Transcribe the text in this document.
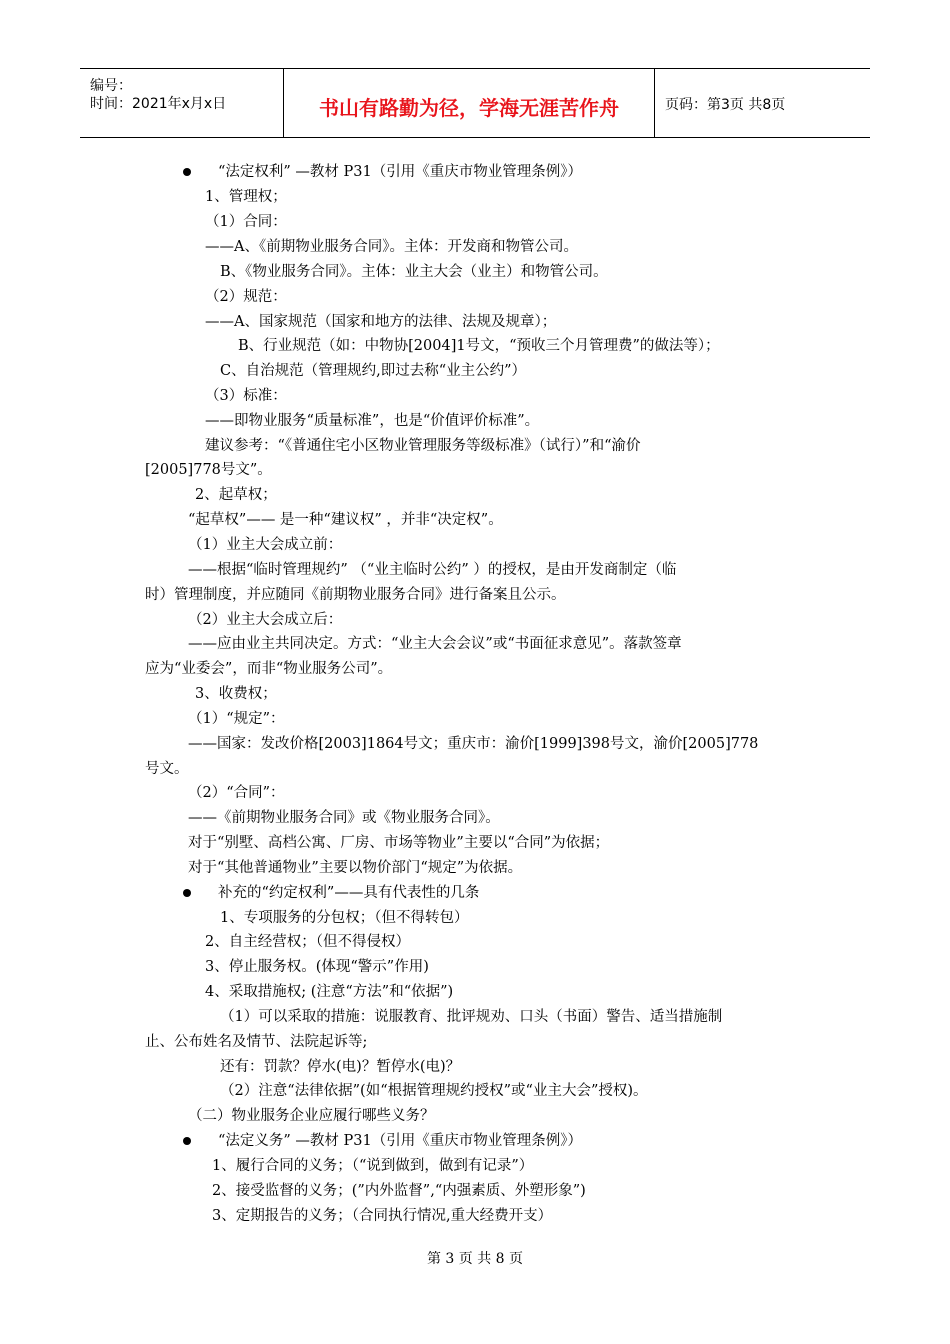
编号：
时间：2021年x月x日	书山有路勤为径，学海无涯苦作舟	页码：第3页 共8页
“法定权利” —教材 P31（引用《重庆市物业管理条例》）
1、管理权；
（1）合同：
——A、《前期物业服务合同》。主体：开发商和物管公司。
B、《物业服务合同》。主体：业主大会（业主）和物管公司。
（2）规范：
——A、国家规范（国家和地方的法律、法规及规章）；
B、行业规范（如：中物协[2004]1号文，“预收三个月管理费”的做法等）；
C、自治规范（管理规约,即过去称“业主公约”）
（3）标准：
——即物业服务“质量标准”，也是“价值评价标准”。
建议参考：“《普通住宅小区物业管理服务等级标准》（试行）”和“渝价
[2005]778号文”。
2、起草权；
“起草权”—— 是一种“建议权” ，并非“决定权”。
（1）业主大会成立前：
——根据“临时管理规约” （“业主临时公约” ）的授权，是由开发商制定（临
时）管理制度，并应随同《前期物业服务合同》进行备案且公示。
（2）业主大会成立后：
——应由业主共同决定。方式：“业主大会会议”或“书面征求意见”。落款签章
应为“业委会”，而非“物业服务公司”。
3、收费权；
（1）“规定”：
——国家：发改价格[2003]1864号文；重庆市：渝价[1999]398号文，渝价[2005]778
号文。
（2）“合同”：
——《前期物业服务合同》或《物业服务合同》。
对于“别墅、高档公寓、厂房、市场等物业”主要以“合同”为依据；
对于“其他普通物业”主要以物价部门“规定”为依据。
补充的“约定权利”——具有代表性的几条
1、专项服务的分包权；（但不得转包）
2、自主经营权；（但不得侵权）
3、停止服务权。(体现“警示”作用)
4、采取措施权; (注意“方法”和“依据”)
（1）可以采取的措施：说服教育、批评规劝、口头（书面）警告、适当措施制
止、公布姓名及情节、法院起诉等;
还有：罚款？停水(电)？暂停水(电)？
（2）注意“法律依据”(如“根据管理规约授权”或“业主大会”授权)。
（二）物业服务企业应履行哪些义务？
“法定义务” —教材 P31（引用《重庆市物业管理条例》）
1、履行合同的义务；（“说到做到，做到有记录”）
2、接受监督的义务；(”内外监督”,“内强素质、外塑形象”)
3、定期报告的义务；（合同执行情况,重大经费开支）
第 3 页 共 8 页
